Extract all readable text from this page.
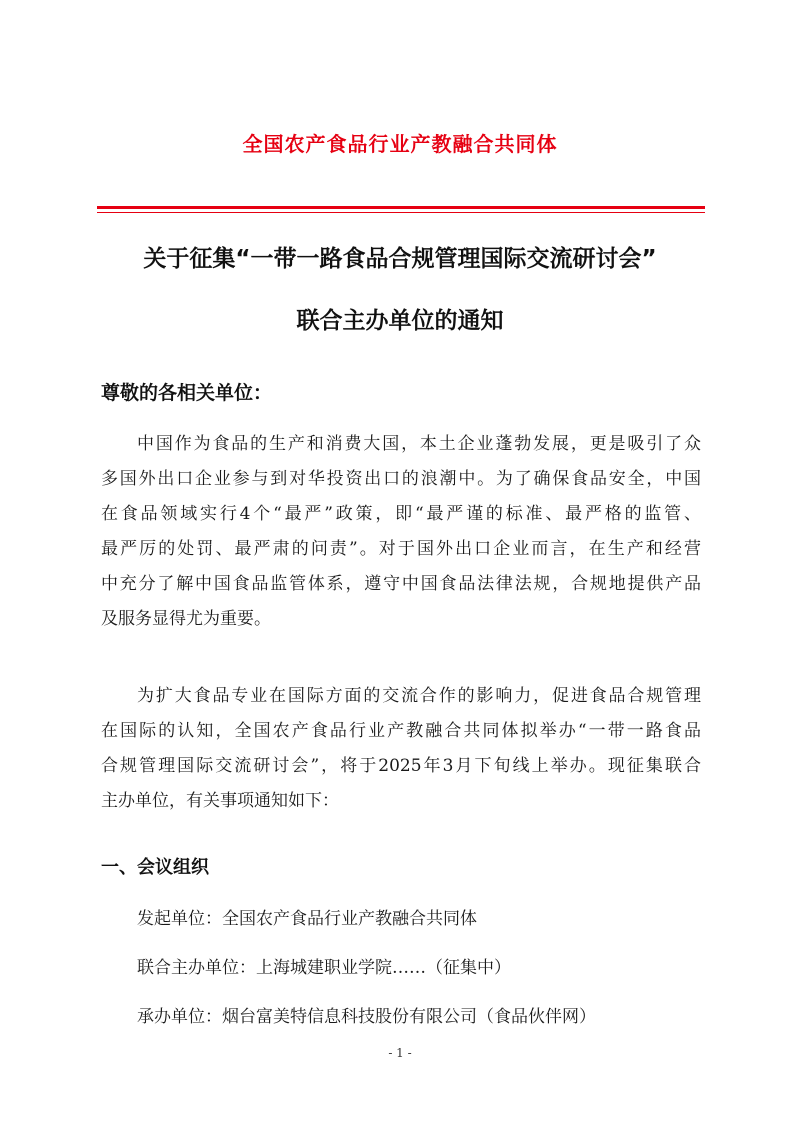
全国农产食品行业产教融合共同体
关于征集“一带一路食品合规管理国际交流研讨会”
联合主办单位的通知
尊敬的各相关单位：
中国作为食品的生产和消费大国，本土企业蓬勃发展，更是吸引了众
多国外出口企业参与到对华投资出口的浪潮中。为了确保食品安全，中国
在食品领域实行4个“最严”政策，即“最严谨的标准、最严格的监管、
最严厉的处罚、最严肃的问责”。对于国外出口企业而言，在生产和经营
中充分了解中国食品监管体系，遵守中国食品法律法规，合规地提供产品
及服务显得尤为重要。
为扩大食品专业在国际方面的交流合作的影响力，促进食品合规管理
在国际的认知，全国农产食品行业产教融合共同体拟举办“一带一路食品
合规管理国际交流研讨会”，将于2025年3月下旬线上举办。现征集联合
主办单位，有关事项通知如下：
一、会议组织
发起单位：全国农产食品行业产教融合共同体
联合主办单位：上海城建职业学院……（征集中）
承办单位：烟台富美特信息科技股份有限公司（食品伙伴网）
- 1 -
